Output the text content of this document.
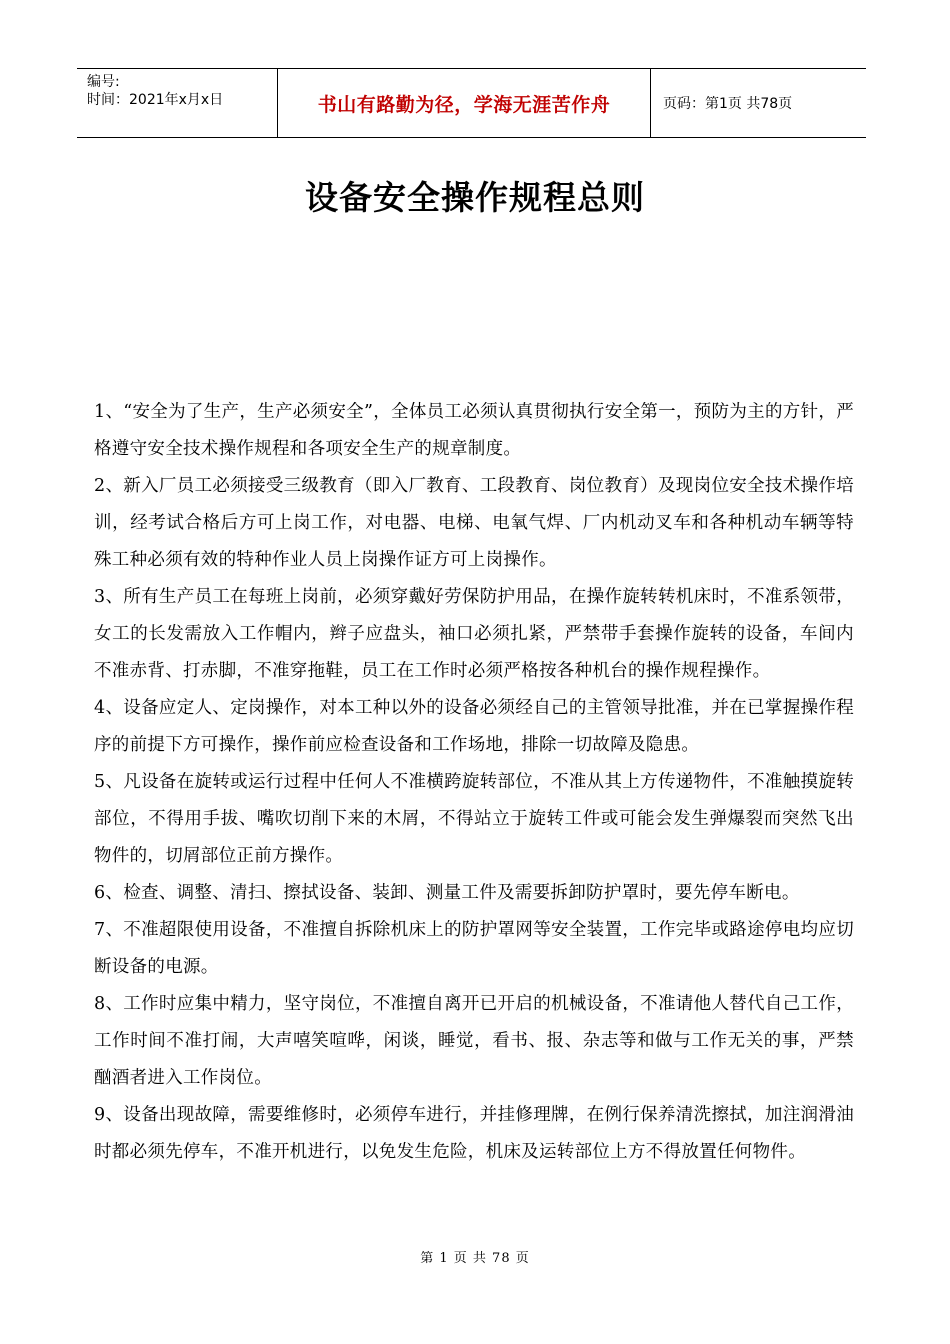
编号:
时间：2021年x月x日	书山有路勤为径，学海无涯苦作舟	页码：第1页 共78页
设备安全操作规程总则

1、“安全为了生产，生产必须安全”，全体员工必须认真贯彻执行安全第一，预防为主的方针，严格遵守安全技术操作规程和各项安全生产的规章制度。

2、新入厂员工必须接受三级教育（即入厂教育、工段教育、岗位教育）及现岗位安全技术操作培训，经考试合格后方可上岗工作，对电器、电梯、电氧气焊、厂内机动叉车和各种机动车辆等特殊工种必须有效的特种作业人员上岗操作证方可上岗操作。

3、所有生产员工在每班上岗前，必须穿戴好劳保防护用品，在操作旋转转机床时，不准系领带，女工的长发需放入工作帽内，辫子应盘头，袖口必须扎紧，严禁带手套操作旋转的设备，车间内不准赤背、打赤脚，不准穿拖鞋，员工在工作时必须严格按各种机台的操作规程操作。

4、设备应定人、定岗操作，对本工种以外的设备必须经自己的主管领导批准，并在已掌握操作程序的前提下方可操作，操作前应检查设备和工作场地，排除一切故障及隐患。

5、凡设备在旋转或运行过程中任何人不准横跨旋转部位，不准从其上方传递物件，不准触摸旋转部位，不得用手拔、嘴吹切削下来的木屑，不得站立于旋转工件或可能会发生弹爆裂而突然飞出物件的，切屑部位正前方操作。

6、检查、调整、清扫、擦拭设备、装卸、测量工件及需要拆卸防护罩时，要先停车断电。

7、不准超限使用设备，不准擅自拆除机床上的防护罩网等安全装置，工作完毕或路途停电均应切断设备的电源。

8、工作时应集中精力，坚守岗位，不准擅自离开已开启的机械设备，不准请他人替代自己工作，工作时间不准打闹，大声嘻笑喧哗，闲谈，睡觉，看书、报、杂志等和做与工作无关的事，严禁酗酒者进入工作岗位。

9、设备出现故障，需要维修时，必须停车进行，并挂修理牌，在例行保养清洗擦拭，加注润滑油时都必须先停车，不准开机进行，以免发生危险，机床及运转部位上方不得放置任何物件。

第 1 页 共 78 页
